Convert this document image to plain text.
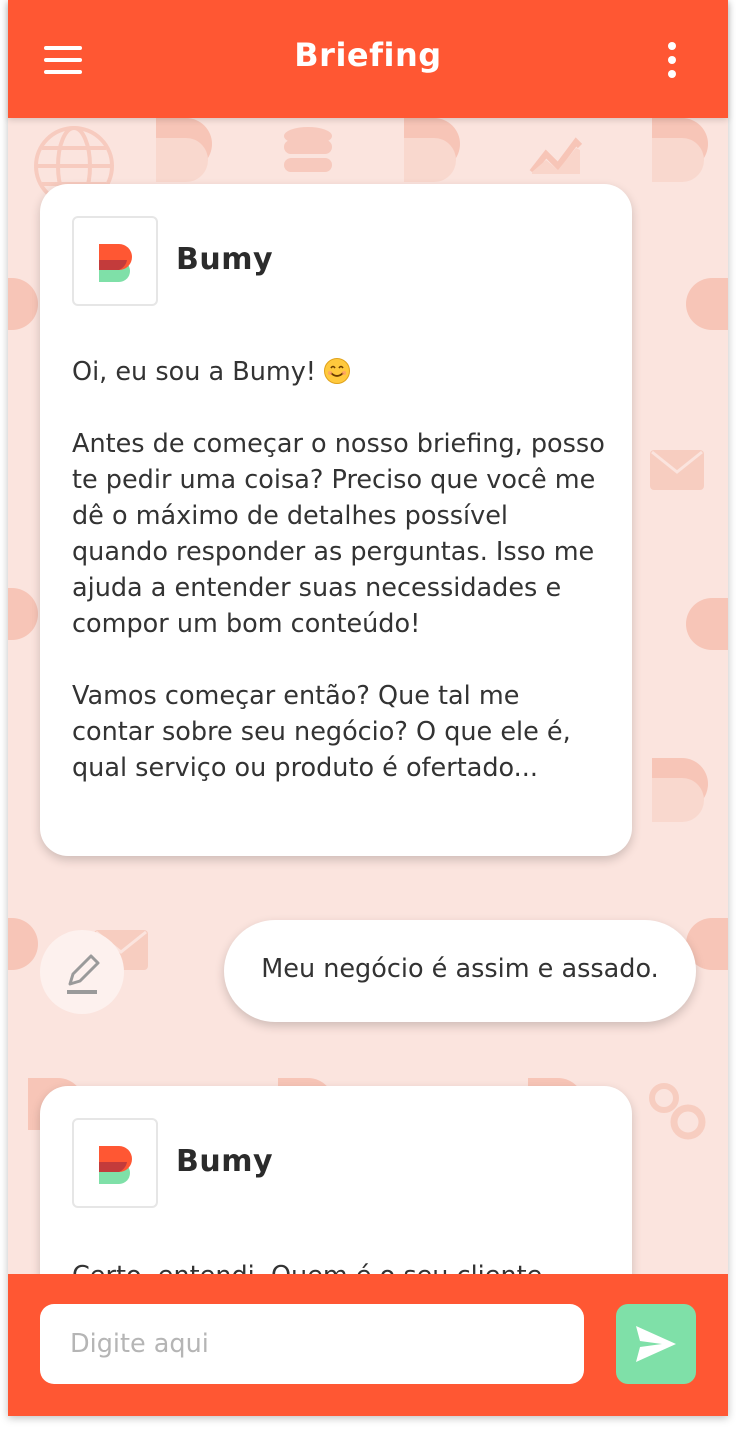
Briefing
Bumy

Oi, eu sou a Bumy!

Antes de começar o nosso briefing, posso te pedir uma coisa? Preciso que você me dê o máximo de detalhes possível quando responder as perguntas. Isso me ajuda a entender suas necessidades e compor um bom conteúdo!

Vamos começar então? Que tal me contar sobre seu negócio? O que ele é, qual serviço ou produto é ofertado...

Meu negócio é assim e assado.
Bumy

Digite aqui
